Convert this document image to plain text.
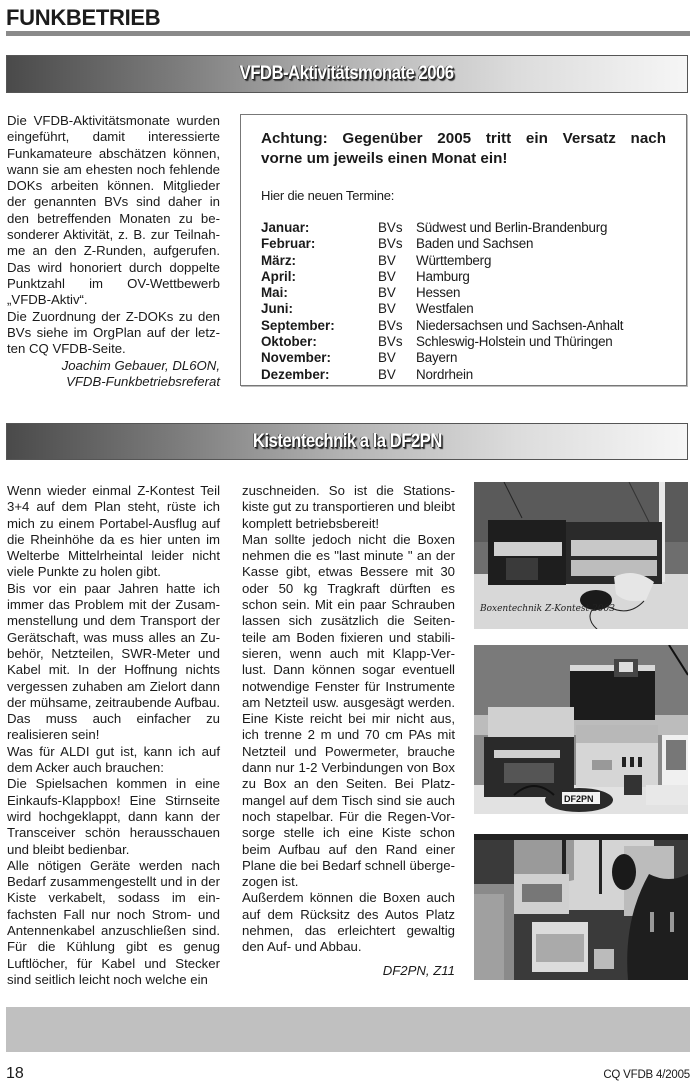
FUNKBETRIEB
VFDB-Aktivitätsmonate 2006

Die VFDB-Aktivitätsmonate wurden eingeführt, damit interessierte Funkamateure abschätzen können, wann sie am ehesten noch fehlende DOKs arbeiten können. Mitglieder der genannten BVs sind daher in den betreffenden Monaten zu besonderer Aktivität, z. B. zur Teilnahme an den Z-Runden, aufgerufen. Das wird honoriert durch doppelte Punktzahl im OV-Wettbewerb „VFDB-Aktiv“.

Die Zuordnung der Z-DOKs zu den BVs siehe im OrgPlan auf der letzten CQ VFDB-Seite.

Joachim Gebauer, DL6ON,
VFDB-Funkbetriebsreferat
Achtung: Gegenüber 2005 tritt ein Versatz nach
vorne um jeweils einen Monat ein!
Hier die neuen Termine:
Januar:	BVs	Südwest und Berlin-Brandenburg
Februar:	BVs	Baden und Sachsen
März:	BV	Württemberg
April:	BV	Hamburg
Mai:	BV	Hessen
Juni:	BV	Westfalen
September:	BVs	Niedersachsen und Sachsen-Anhalt
Oktober:	BVs	Schleswig-Holstein und Thüringen
November:	BV	Bayern
Dezember:	BV	Nordrhein
Kistentechnik a la DF2PN

Wenn wieder einmal Z-Kontest Teil 3+4 auf dem Plan steht, rüste ich mich zu einem Portabel-Ausflug auf die Rheinhöhe da es hier unten im Welterbe Mittelrheintal leider nicht viele Punkte zu holen gibt.

Bis vor ein paar Jahren hatte ich immer das Problem mit der Zusammenstellung und dem Transport der Gerätschaft, was muss alles an Zubehör, Netzteilen, SWR-Meter und Kabel mit. In der Hoffnung nichts vergessen zuhaben am Zielort dann der mühsame, zeitraubende Aufbau. Das muss auch einfacher zu realisieren sein!

Was für ALDI gut ist, kann ich auf dem Acker auch brauchen:

Die Spielsachen kommen in eine Einkaufs-Klappbox! Eine Stirnseite wird hochgeklappt, dann kann der Transceiver schön herausschauen und bleibt bedienbar.

Alle nötigen Geräte werden nach Bedarf zusammengestellt und in der Kiste verkabelt, sodass im einfachsten Fall nur noch Strom- und Antennenkabel anzuschließen sind. Für die Kühlung gibt es genug Luftlöcher, für Kabel und Stecker sind seitlich leicht noch welche ein

zuschneiden. So ist die Stationskiste gut zu transportieren und bleibt komplett betriebsbereit!

Man sollte jedoch nicht die Boxen nehmen die es "last minute " an der Kasse gibt, etwas Bessere mit 30 oder 50 kg Tragkraft dürften es schon sein. Mit ein paar Schrauben lassen sich zusätzlich die Seitenteile am Boden fixieren und stabilisieren, wenn auch mit Klapp-Verlust. Dann können sogar eventuell notwendige Fenster für Instrumente am Netzteil usw. ausgesägt werden. Eine Kiste reicht bei mir nicht aus, ich trenne 2 m und 70 cm PAs mit Netzteil und Powermeter, brauche dann nur 1-2 Verbindungen von Box zu Box an den Seiten. Bei Platzmangel auf dem Tisch sind sie auch noch stapelbar. Für die Regen-Vorsorge stelle ich eine Kiste schon beim Aufbau auf den Rand einer Plane die bei Bedarf schnell übergezogen ist.

Außerdem können die Boxen auch auf dem Rücksitz des Autos Platz nehmen, das erleichtert gewaltig den Auf- und Abbau.

DF2PN, Z11
Boxentechnik Z-Kontest 2003
DF2PN
18	CQ VFDB 4/2005
